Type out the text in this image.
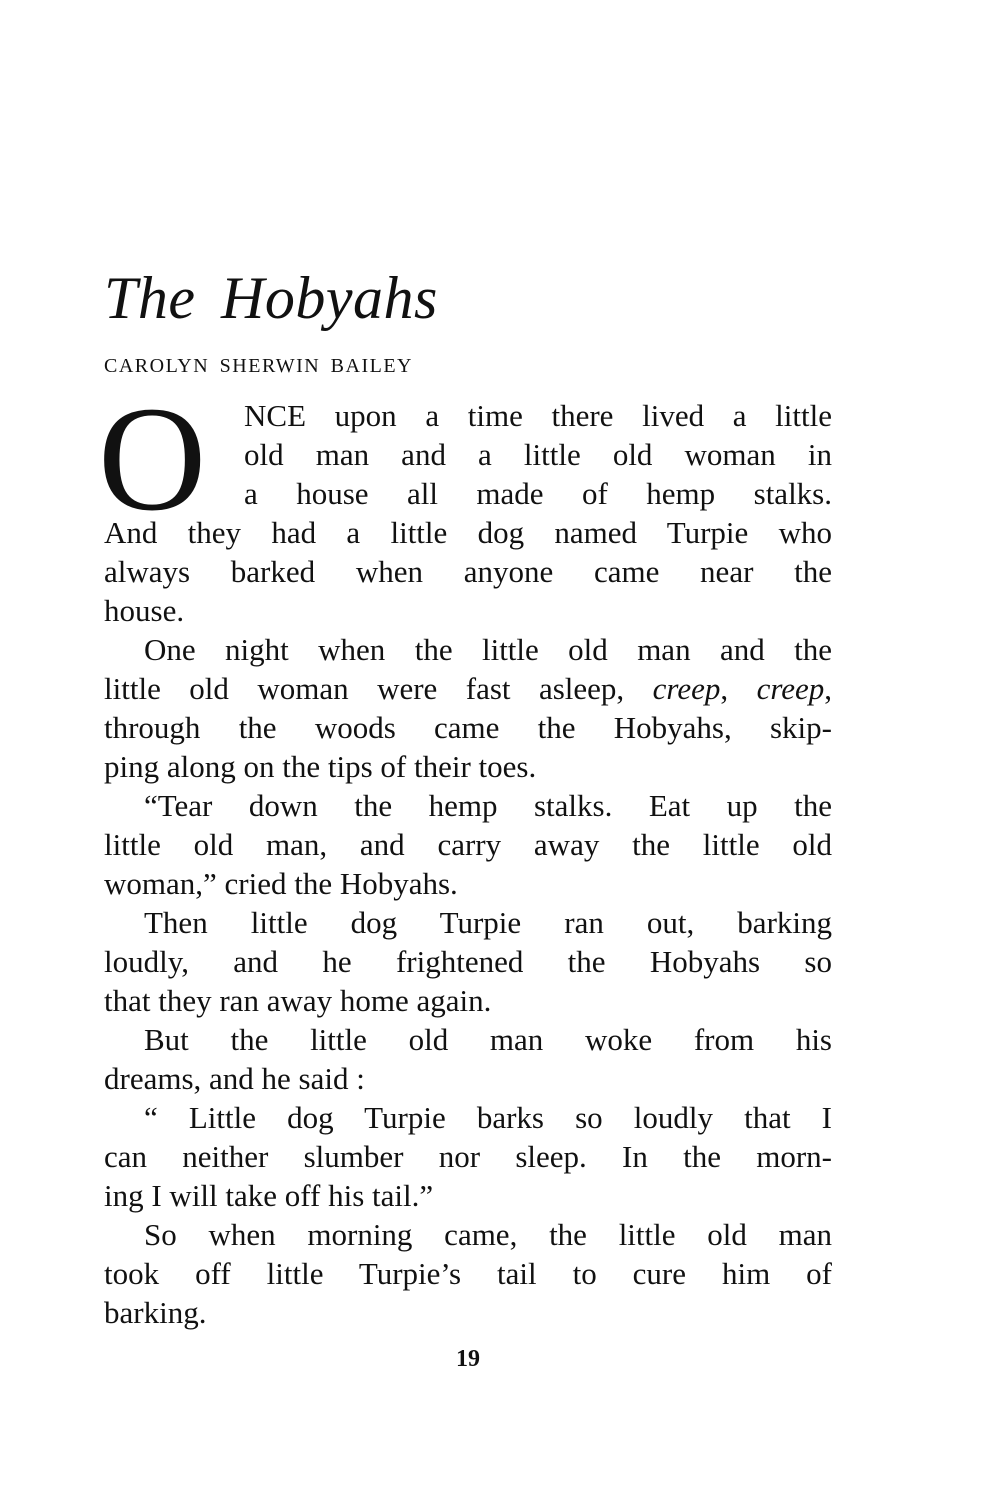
The Hobyahs
CAROLYN SHERWIN BAILEY
O NCE upon a time there lived a little
old man and a little old woman in
a house all made of hemp stalks.
And they had a little dog named Turpie who
always barked when anyone came near the
house.
One night when the little old man and the
little old woman were fast asleep, creep, creep,
through the woods came the Hobyahs, skip-
ping along on the tips of their toes.
“Tear down the hemp stalks. Eat up the
little old man, and carry away the little old
woman,” cried the Hobyahs.
Then little dog Turpie ran out, barking
loudly, and he frightened the Hobyahs so
that they ran away home again.
But the little old man woke from his
dreams, and he said :
“ Little dog Turpie barks so loudly that I
can neither slumber nor sleep. In the morn-
ing I will take off his tail.”
So when morning came, the little old man
took off little Turpie’s tail to cure him of
barking.
19
